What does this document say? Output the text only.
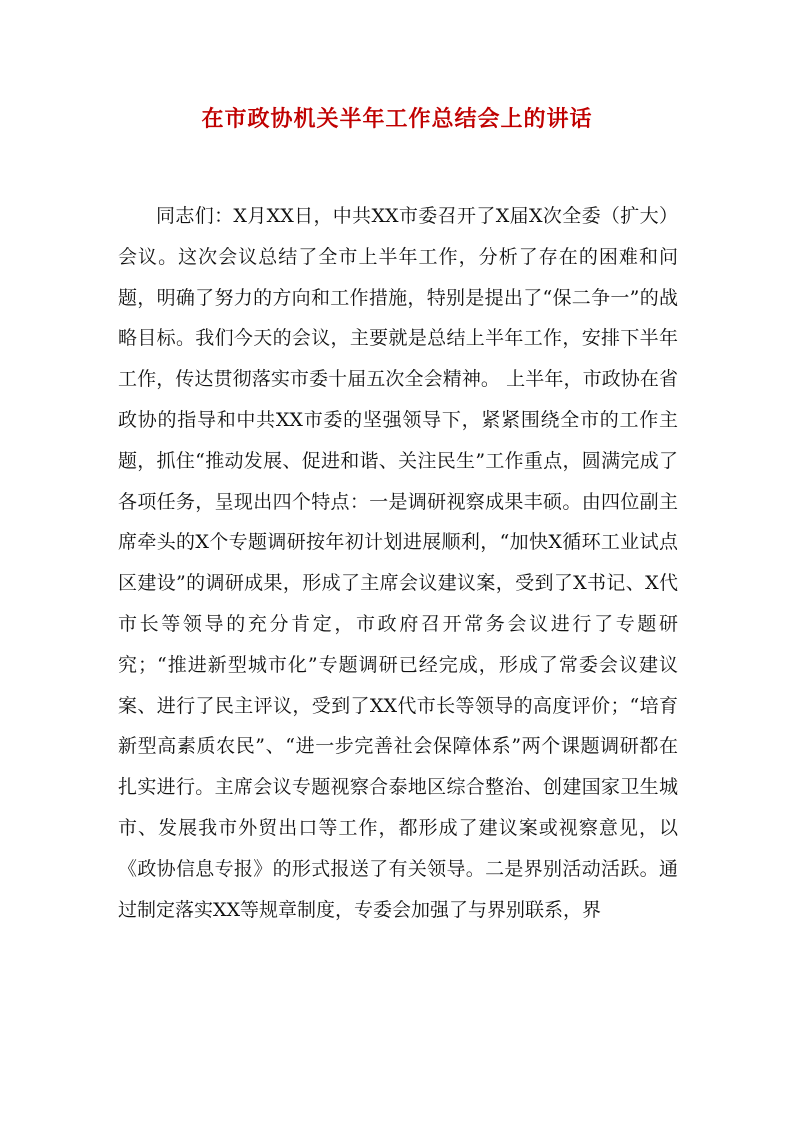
在市政协机关半年工作总结会上的讲话

同志们：X月XX日，中共XX市委召开了X届X次全委（扩大）会议。这次会议总结了全市上半年工作，分析了存在的困难和问题，明确了努力的方向和工作措施，特别是提出了“保二争一”的战略目标。我们今天的会议，主要就是总结上半年工作，安排下半年工作，传达贯彻落实市委十届五次全会精神。 上半年，市政协在省政协的指导和中共XX市委的坚强领导下，紧紧围绕全市的工作主题，抓住“推动发展、促进和谐、关注民生”工作重点，圆满完成了各项任务，呈现出四个特点：一是调研视察成果丰硕。由四位副主席牵头的X个专题调研按年初计划进展顺利，“加快X循环工业试点区建设”的调研成果，形成了主席会议建议案，受到了X书记、X代市长等领导的充分肯定，市政府召开常务会议进行了专题研究；“推进新型城市化”专题调研已经完成，形成了常委会议建议案、进行了民主评议，受到了XX代市长等领导的高度评价；“培育新型高素质农民”、“进一步完善社会保障体系”两个课题调研都在扎实进行。主席会议专题视察合泰地区综合整治、创建国家卫生城市、发展我市外贸出口等工作，都形成了建议案或视察意见，以《政协信息专报》的形式报送了有关领导。二是界别活动活跃。通过制定落实XX等规章制度，专委会加强了与界别联系，界
